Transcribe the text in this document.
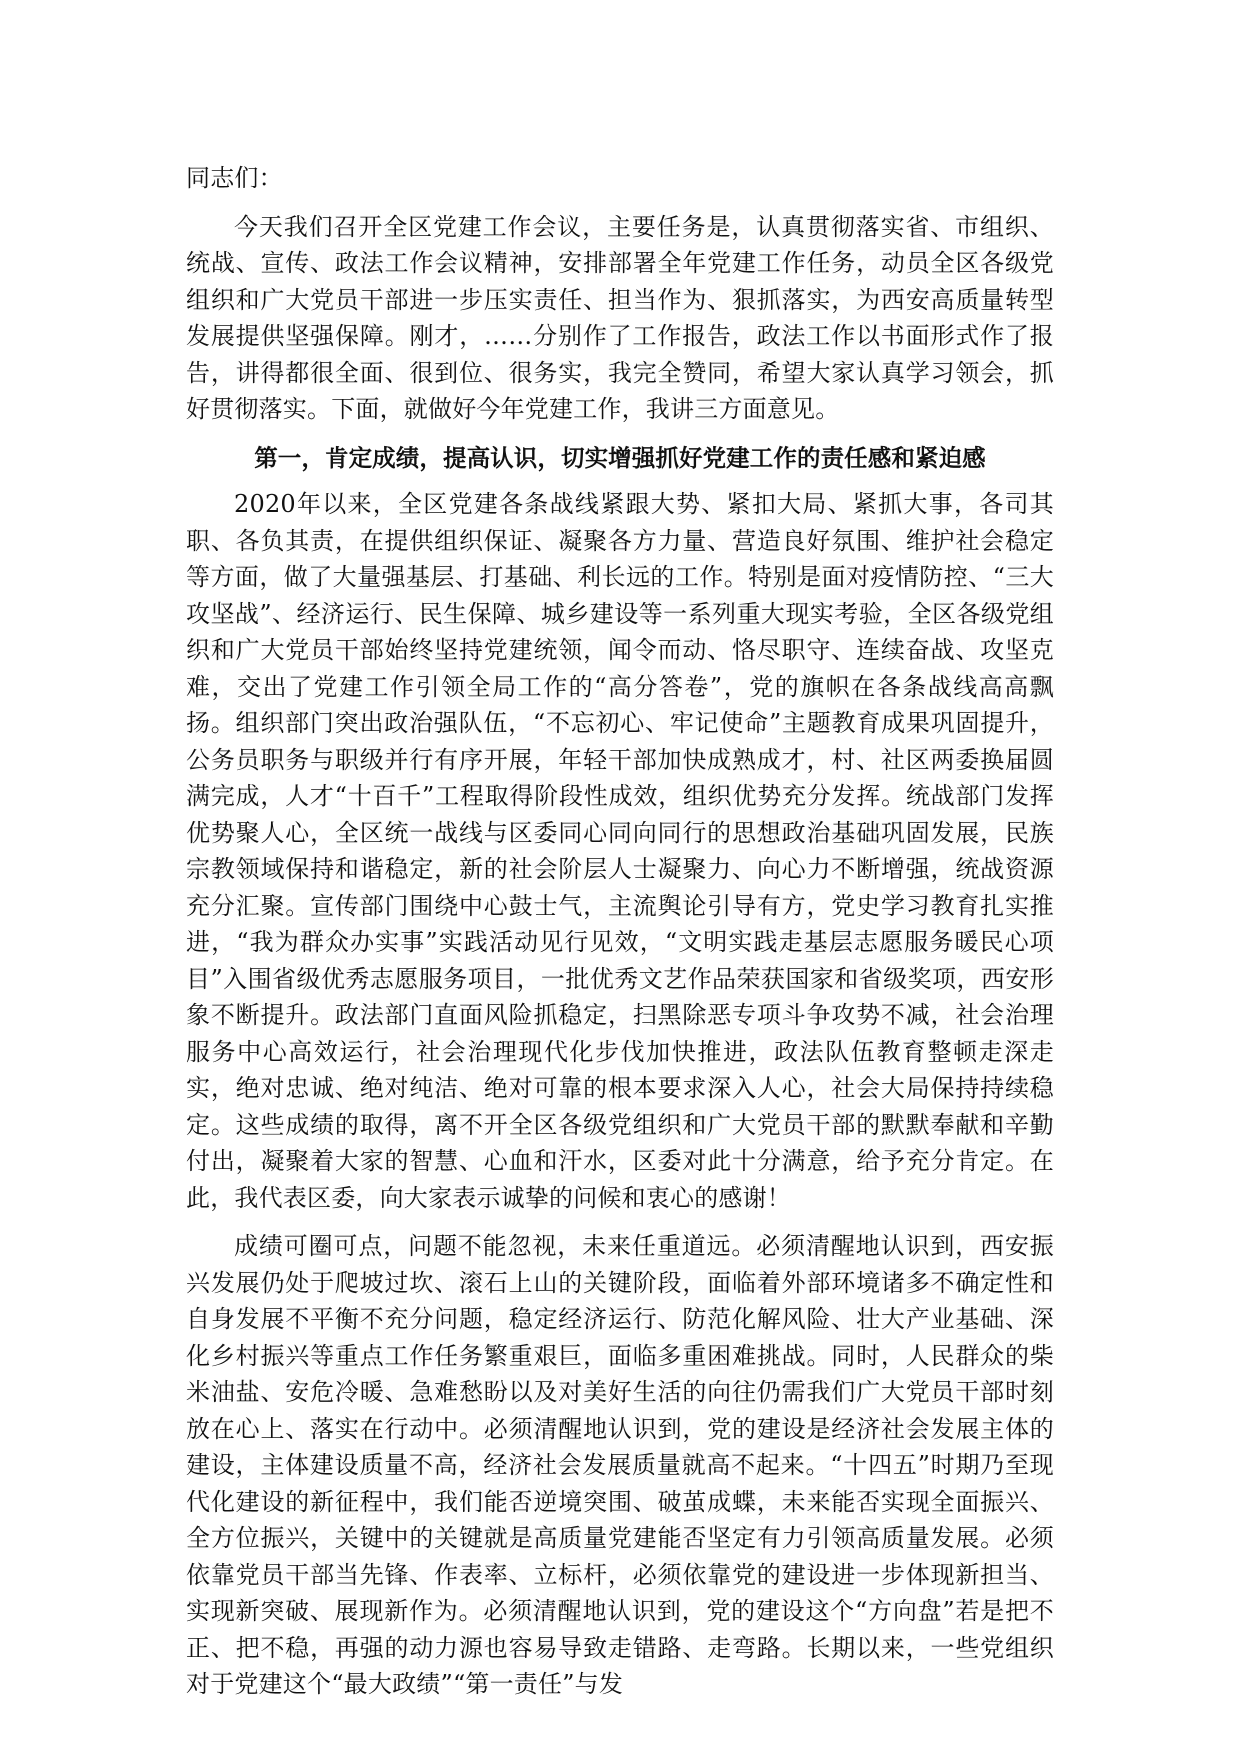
同志们：

今天我们召开全区党建工作会议，主要任务是，认真贯彻落实省、市组织、统战、宣传、政法工作会议精神，安排部署全年党建工作任务，动员全区各级党组织和广大党员干部进一步压实责任、担当作为、狠抓落实，为西安高质量转型发展提供坚强保障。刚才，……分别作了工作报告，政法工作以书面形式作了报告，讲得都很全面、很到位、很务实，我完全赞同，希望大家认真学习领会，抓好贯彻落实。下面，就做好今年党建工作，我讲三方面意见。

第一，肯定成绩，提高认识，切实增强抓好党建工作的责任感和紧迫感

2020年以来，全区党建各条战线紧跟大势、紧扣大局、紧抓大事，各司其职、各负其责，在提供组织保证、凝聚各方力量、营造良好氛围、维护社会稳定等方面，做了大量强基层、打基础、利长远的工作。特别是面对疫情防控、“三大攻坚战”、经济运行、民生保障、城乡建设等一系列重大现实考验，全区各级党组织和广大党员干部始终坚持党建统领，闻令而动、恪尽职守、连续奋战、攻坚克难，交出了党建工作引领全局工作的“高分答卷”，党的旗帜在各条战线高高飘扬。组织部门突出政治强队伍，“不忘初心、牢记使命”主题教育成果巩固提升，公务员职务与职级并行有序开展，年轻干部加快成熟成才，村、社区两委换届圆满完成，人才“十百千”工程取得阶段性成效，组织优势充分发挥。统战部门发挥优势聚人心，全区统一战线与区委同心同向同行的思想政治基础巩固发展，民族宗教领域保持和谐稳定，新的社会阶层人士凝聚力、向心力不断增强，统战资源充分汇聚。宣传部门围绕中心鼓士气，主流舆论引导有方，党史学习教育扎实推进，“我为群众办实事”实践活动见行见效，“文明实践走基层志愿服务暖民心项目”入围省级优秀志愿服务项目，一批优秀文艺作品荣获国家和省级奖项，西安形象不断提升。政法部门直面风险抓稳定，扫黑除恶专项斗争攻势不减，社会治理服务中心高效运行，社会治理现代化步伐加快推进，政法队伍教育整顿走深走实，绝对忠诚、绝对纯洁、绝对可靠的根本要求深入人心，社会大局保持持续稳定。这些成绩的取得，离不开全区各级党组织和广大党员干部的默默奉献和辛勤付出，凝聚着大家的智慧、心血和汗水，区委对此十分满意，给予充分肯定。在此，我代表区委，向大家表示诚挚的问候和衷心的感谢！

成绩可圈可点，问题不能忽视，未来任重道远。必须清醒地认识到，西安振兴发展仍处于爬坡过坎、滚石上山的关键阶段，面临着外部环境诸多不确定性和自身发展不平衡不充分问题，稳定经济运行、防范化解风险、壮大产业基础、深化乡村振兴等重点工作任务繁重艰巨，面临多重困难挑战。同时，人民群众的柴米油盐、安危冷暖、急难愁盼以及对美好生活的向往仍需我们广大党员干部时刻放在心上、落实在行动中。必须清醒地认识到，党的建设是经济社会发展主体的建设，主体建设质量不高，经济社会发展质量就高不起来。“十四五”时期乃至现代化建设的新征程中，我们能否逆境突围、破茧成蝶，未来能否实现全面振兴、全方位振兴，关键中的关键就是高质量党建能否坚定有力引领高质量发展。必须依靠党员干部当先锋、作表率、立标杆，必须依靠党的建设进一步体现新担当、实现新突破、展现新作为。必须清醒地认识到，党的建设这个“方向盘”若是把不正、把不稳，再强的动力源也容易导致走错路、走弯路。长期以来，一些党组织对于党建这个“最大政绩”“第一责任”与发
